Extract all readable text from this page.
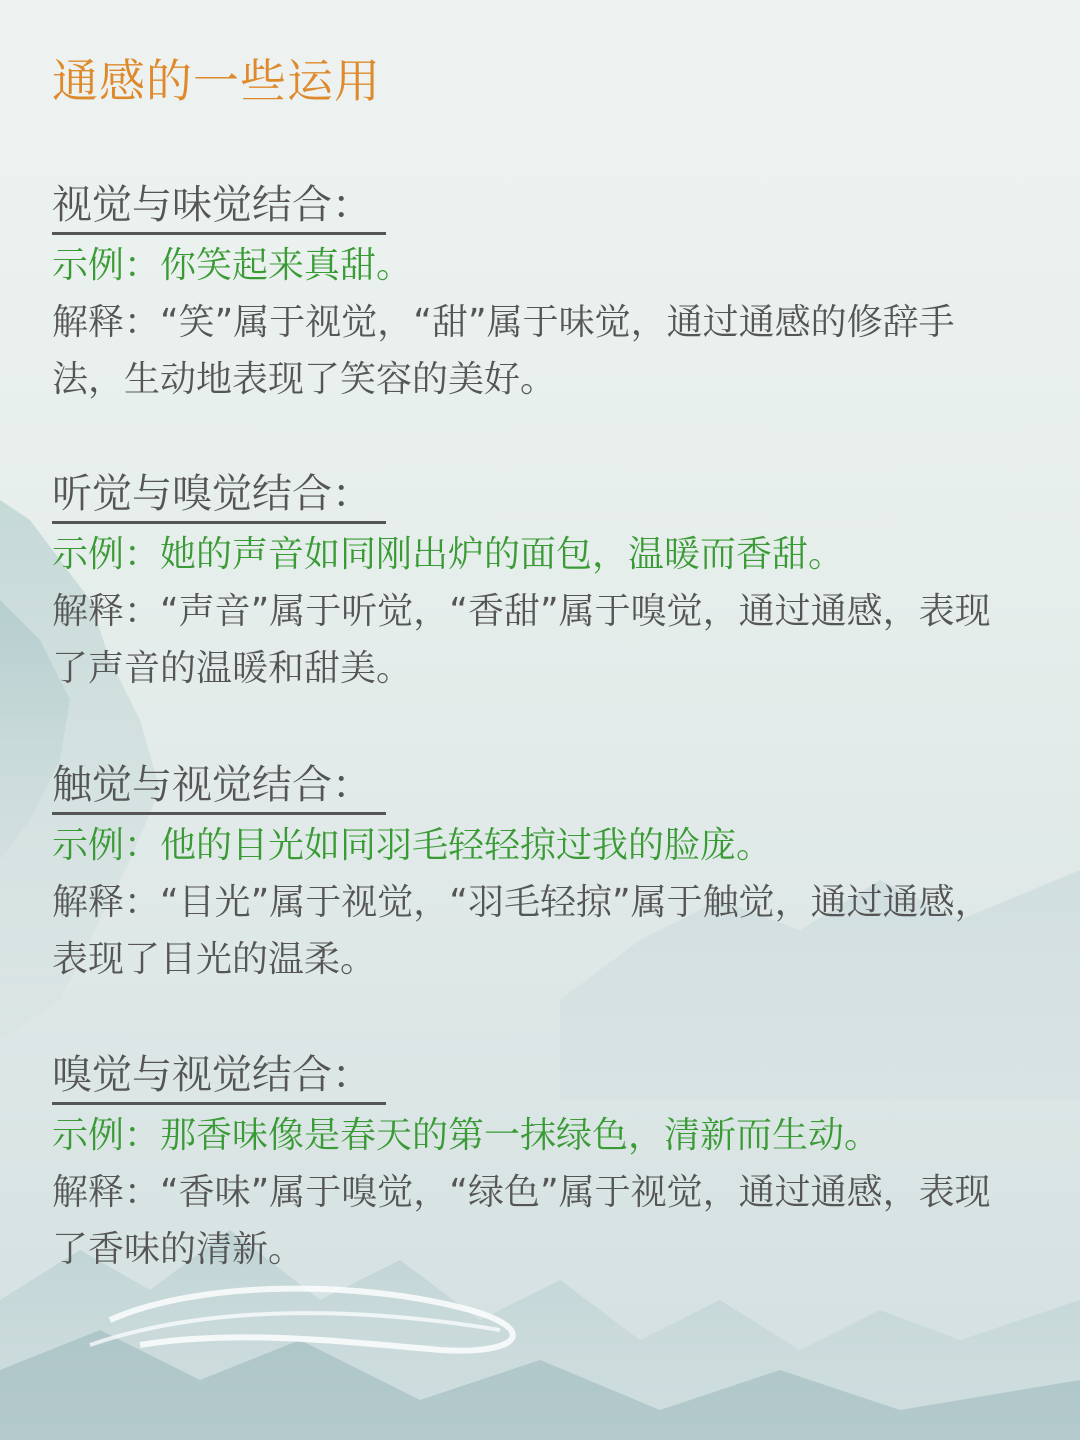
通感的一些运用
视觉与味觉结合：
示例：你笑起来真甜。
解释：“笑”属于视觉，“甜”属于味觉，通过通感的修辞手法，生动地表现了笑容的美好。
听觉与嗅觉结合：
示例：她的声音如同刚出炉的面包，温暖而香甜。
解释：“声音”属于听觉，“香甜”属于嗅觉，通过通感，表现了声音的温暖和甜美。
触觉与视觉结合：
示例：他的目光如同羽毛轻轻掠过我的脸庞。
解释：“目光”属于视觉，“羽毛轻掠”属于触觉，通过通感，表现了目光的温柔。
嗅觉与视觉结合：
示例：那香味像是春天的第一抹绿色，清新而生动。
解释：“香味”属于嗅觉，“绿色”属于视觉，通过通感，表现了香味的清新。
